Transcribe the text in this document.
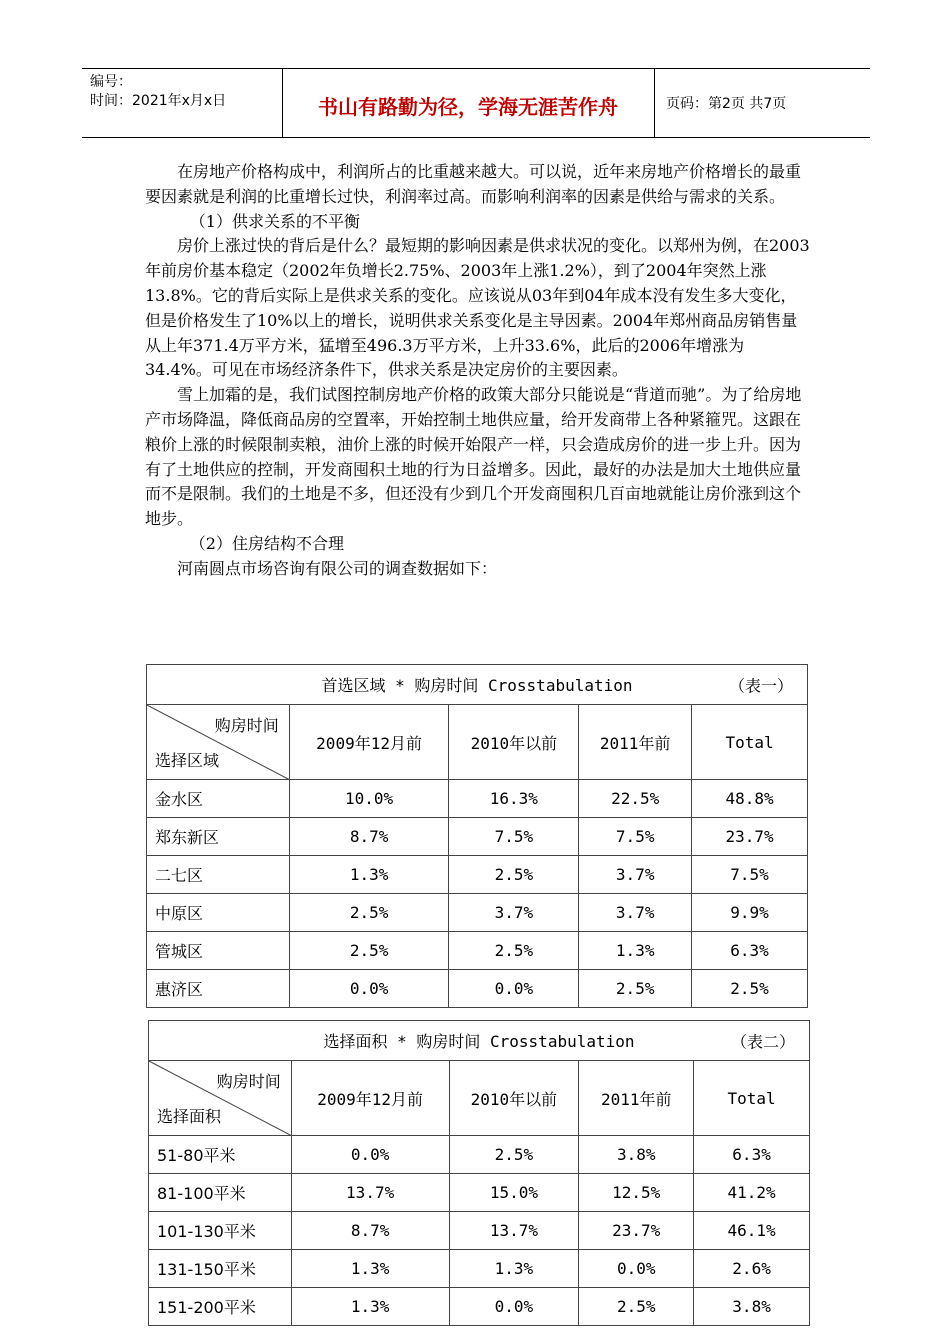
编号：
时间：2021年x月x日	书山有路勤为径，学海无涯苦作舟	页码：第2页 共7页

在房地产价格构成中，利润所占的比重越来越大。可以说，近年来房地产价格增长的最重要因素就是利润的比重增长过快，利润率过高。而影响利润率的因素是供给与需求的关系。

（1）供求关系的不平衡

房价上涨过快的背后是什么？最短期的影响因素是供求状况的变化。以郑州为例，在2003年前房价基本稳定（2002年负增长2.75%、2003年上涨1.2%），到了2004年突然上涨13.8%。它的背后实际上是供求关系的变化。应该说从03年到04年成本没有发生多大变化，但是价格发生了10%以上的增长，说明供求关系变化是主导因素。2004年郑州商品房销售量从上年371.4万平方米，猛增至496.3万平方米，上升33.6%，此后的2006年增涨为34.4%。可见在市场经济条件下，供求关系是决定房价的主要因素。

雪上加霜的是，我们试图控制房地产价格的政策大部分只能说是“背道而驰”。为了给房地产市场降温，降低商品房的空置率，开始控制土地供应量，给开发商带上各种紧箍咒。这跟在粮价上涨的时候限制卖粮，油价上涨的时候开始限产一样，只会造成房价的进一步上升。因为有了土地供应的控制，开发商囤积土地的行为日益增多。因此，最好的办法是加大土地供应量而不是限制。我们的土地是不多，但还没有少到几个开发商囤积几百亩地就能让房价涨到这个地步。

（2）住房结构不合理

河南圆点市场咨询有限公司的调查数据如下：

首选区域 * 购房时间 Crosstabulation （表一）				

购房时间
选择区域	2009年12月前	2010年以前	2011年前	Total
金水区	10.0%	16.3%	22.5%	48.8%
郑东新区	8.7%	7.5%	7.5%	23.7%
二七区	1.3%	2.5%	3.7%	7.5%
中原区	2.5%	3.7%	3.7%	9.9%
管城区	2.5%	2.5%	1.3%	6.3%
惠济区	0.0%	0.0%	2.5%	2.5%
选择面积 * 购房时间 Crosstabulation （表二）				

购房时间
选择面积	2009年12月前	2010年以前	2011年前	Total
51-80平米	0.0%	2.5%	3.8%	6.3%
81-100平米	13.7%	15.0%	12.5%	41.2%
101-130平米	8.7%	13.7%	23.7%	46.1%
131-150平米	1.3%	1.3%	0.0%	2.6%
151-200平米	1.3%	0.0%	2.5%	3.8%
